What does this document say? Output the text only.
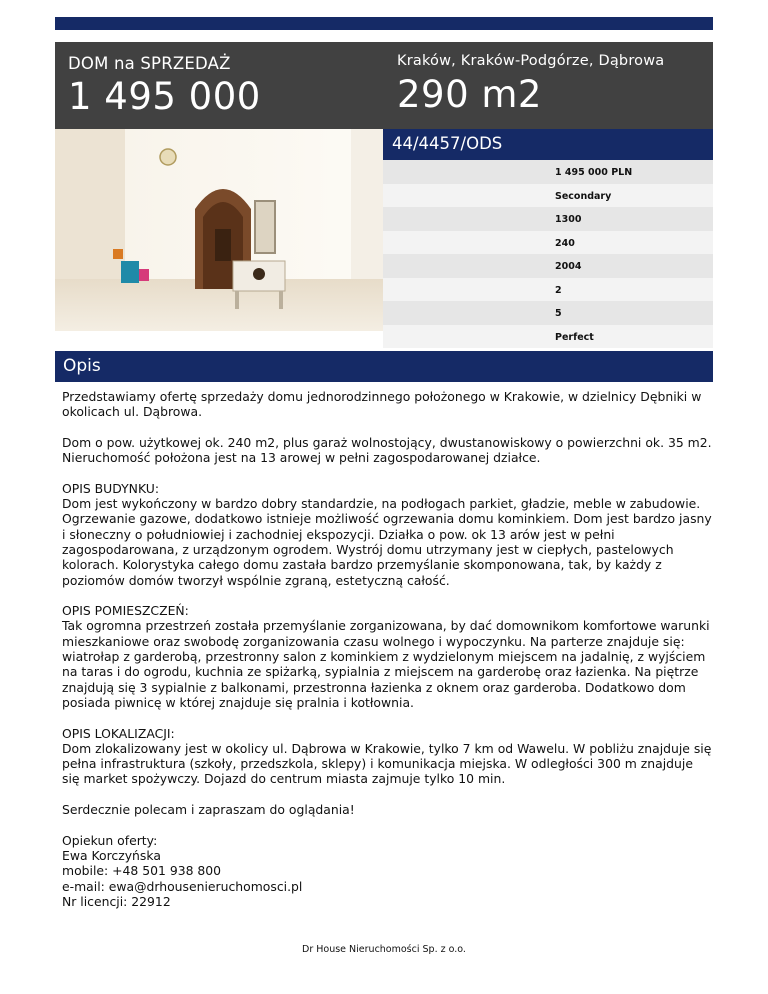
DOM na SPRZEDAŻ
1 495 000
Kraków, Kraków-Podgórze, Dąbrowa
290 m2
44/4457/ODS
1 495 000 PLN
Secondary
1300
240
2004
2
5
Perfect
Opis

Przedstawiamy ofertę sprzedaży domu jednorodzinnego położonego w Krakowie, w dzielnicy Dębniki w okolicach ul. Dąbrowa.

Dom o pow. użytkowej ok. 240 m2, plus garaż wolnostojący, dwustanowiskowy o powierzchni ok. 35 m2. Nieruchomość położona jest na 13 arowej w pełni zagospodarowanej działce.

OPIS BUDYNKU:
Dom jest wykończony w bardzo dobry standardzie, na podłogach parkiet, gładzie, meble w zabudowie. Ogrzewanie gazowe, dodatkowo istnieje możliwość ogrzewania domu kominkiem. Dom jest bardzo jasny i słoneczny o południowiej i zachodniej ekspozycji. Działka o pow. ok 13 arów jest w pełni zagospodarowana, z urządzonym ogrodem. Wystrój domu utrzymany jest w ciepłych, pastelowych kolorach. Kolorystyka całego domu zastała bardzo przemyślanie skomponowana, tak, by każdy z poziomów domów tworzył wspólnie zgraną, estetyczną całość.

OPIS POMIESZCZEŃ:
Tak ogromna przestrzeń została przemyślanie zorganizowana, by dać domownikom komfortowe warunki mieszkaniowe oraz swobodę zorganizowania czasu wolnego i wypoczynku. Na parterze znajduje się: wiatrołap z garderobą, przestronny salon z kominkiem z wydzielonym miejscem na jadalnię, z wyjściem na taras i do ogrodu, kuchnia ze spiżarką, sypialnia z miejscem na garderobę oraz łazienka. Na piętrze znajdują się 3 sypialnie z balkonami, przestronna łazienka z oknem oraz garderoba. Dodatkowo dom posiada piwnicę w której znajduje się pralnia i kotłownia.

OPIS LOKALIZACJI:
Dom zlokalizowany jest w okolicy ul. Dąbrowa w Krakowie, tylko 7 km od Wawelu. W pobliżu znajduje się pełna infrastruktura (szkoły, przedszkola, sklepy) i komunikacja miejska. W odległości 300 m znajduje się market spożywczy. Dojazd do centrum miasta zajmuje tylko 10 min.

Serdecznie polecam i zapraszam do oglądania!

Opiekun oferty:
Ewa Korczyńska
mobile: +48 501 938 800
e-mail: ewa@drhousenieruchomosci.pl
Nr licencji: 22912

Dr House Nieruchomości Sp. z o.o.
